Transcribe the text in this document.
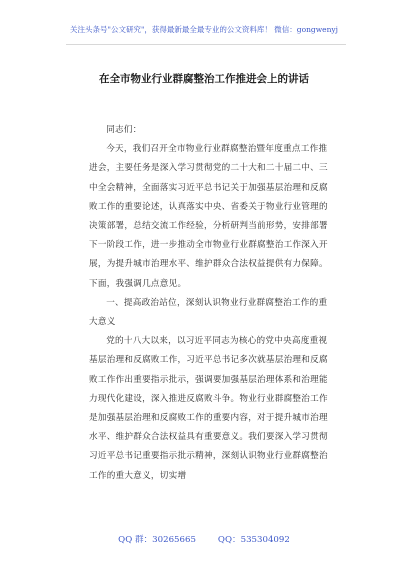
关注头条号"公文研究"，获得最新最全最专业的公文资料库！ 微信：gongwenyj
在全市物业行业群腐整治工作推进会上的讲话

同志们：

今天，我们召开全市物业行业群腐整治暨年度重点工作推进会，主要任务是深入学习贯彻党的二十大和二十届二中、三中全会精神，全面落实习近平总书记关于加强基层治理和反腐败工作的重要论述，认真落实中央、省委关于物业行业管理的决策部署，总结交流工作经验，分析研判当前形势，安排部署下一阶段工作，进一步推动全市物业行业群腐整治工作深入开展，为提升城市治理水平、维护群众合法权益提供有力保障。下面，我强调几点意见。

一、提高政治站位，深刻认识物业行业群腐整治工作的重大意义

党的十八大以来，以习近平同志为核心的党中央高度重视基层治理和反腐败工作，习近平总书记多次就基层治理和反腐败工作作出重要指示批示，强调要加强基层治理体系和治理能力现代化建设，深入推进反腐败斗争。物业行业群腐整治工作是加强基层治理和反腐败工作的重要内容，对于提升城市治理水平、维护群众合法权益具有重要意义。我们要深入学习贯彻习近平总书记重要指示批示精神，深刻认识物业行业群腐整治工作的重大意义，切实增

QQ 群：30265665	QQ：535304092
